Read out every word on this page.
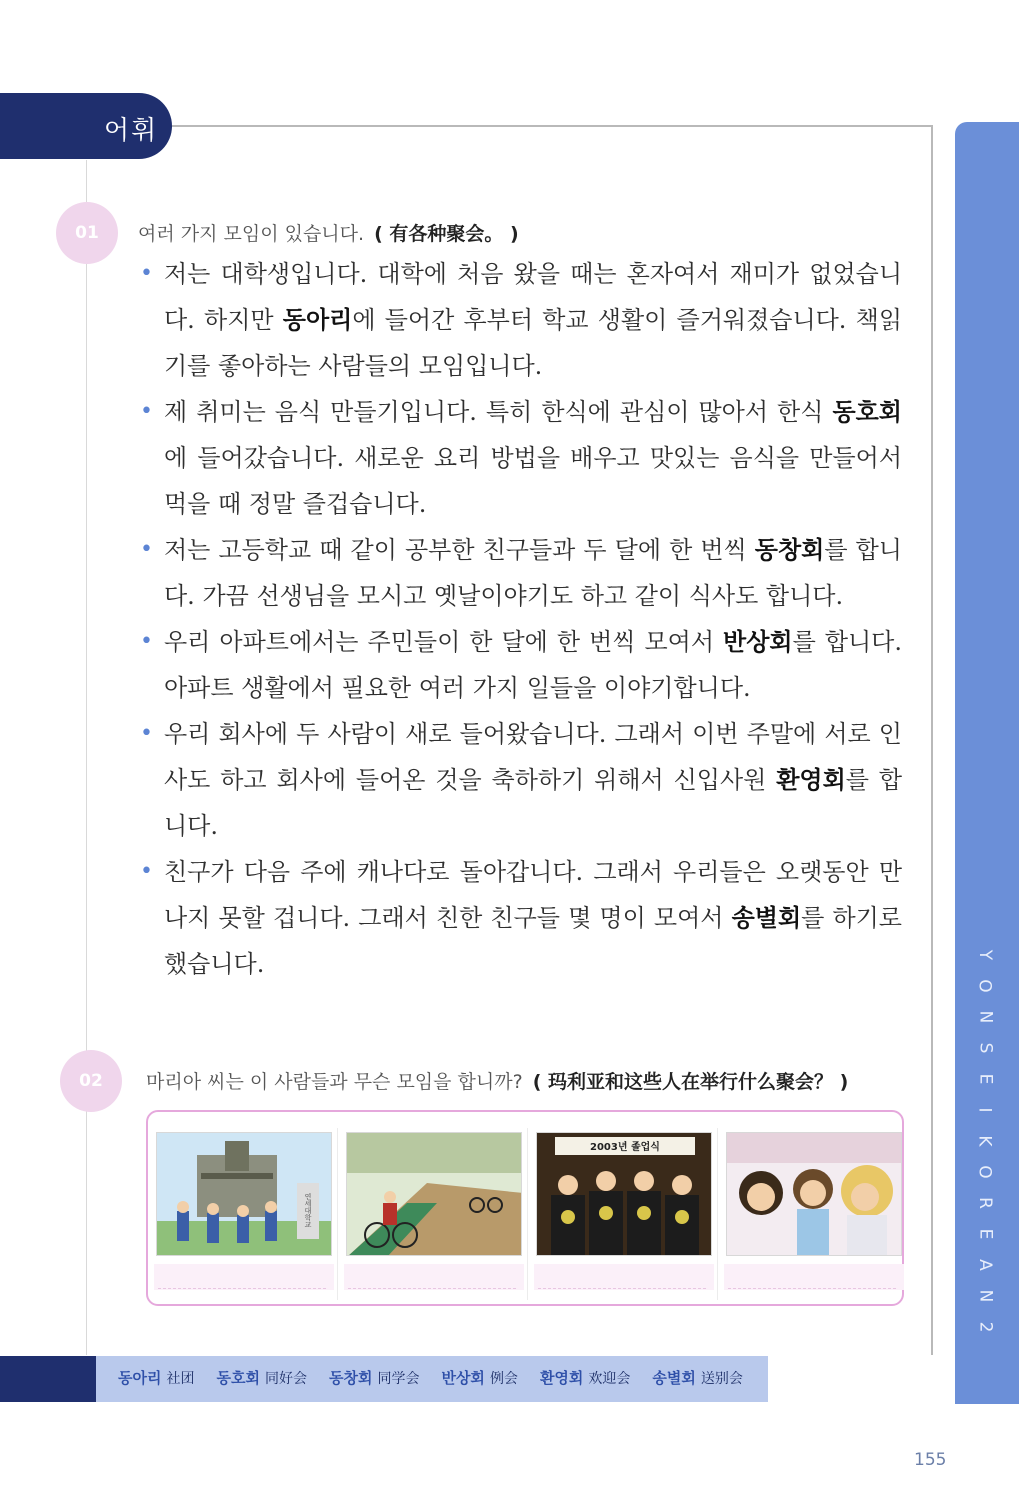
어휘
Y
O
N
S
E
I
K
O
R
E
A
N
2
01	여러 가지 모임이 있습니다. ( 有各种聚会。 )
• 저는 대학생입니다. 대학에 처음 왔을 때는 혼자여서 재미가 없었습니다. 하지만 동아리에 들어간 후부터 학교 생활이 즐거워졌습니다. 책읽기를 좋아하는 사람들의 모임입니다.
• 제 취미는 음식 만들기입니다. 특히 한식에 관심이 많아서 한식 동호회에 들어갔습니다. 새로운 요리 방법을 배우고 맛있는 음식을 만들어서 먹을 때 정말 즐겁습니다.
• 저는 고등학교 때 같이 공부한 친구들과 두 달에 한 번씩 동창회를 합니다. 가끔 선생님을 모시고 옛날이야기도 하고 같이 식사도 합니다.
• 우리 아파트에서는 주민들이 한 달에 한 번씩 모여서 반상회를 합니다. 아파트 생활에서 필요한 여러 가지 일들을 이야기합니다.
• 우리 회사에 두 사람이 새로 들어왔습니다. 그래서 이번 주말에 서로 인사도 하고 회사에 들어온 것을 축하하기 위해서 신입사원 환영회를 합니다.
• 친구가 다음 주에 캐나다로 돌아갑니다. 그래서 우리들은 오랫동안 만나지 못할 겁니다. 그래서 친한 친구들 몇 명이 모여서 송별회를 하기로 했습니다.
02	마리아 씨는 이 사람들과 무슨 모임을 합니까? ( 玛利亚和这些人在举行什么聚会？ )
연세대학교
2003년 졸업식
동아리 社团 동호회 同好会 동창회 同学会 반상회 例会 환영회 欢迎会 송별회 送别会
155
